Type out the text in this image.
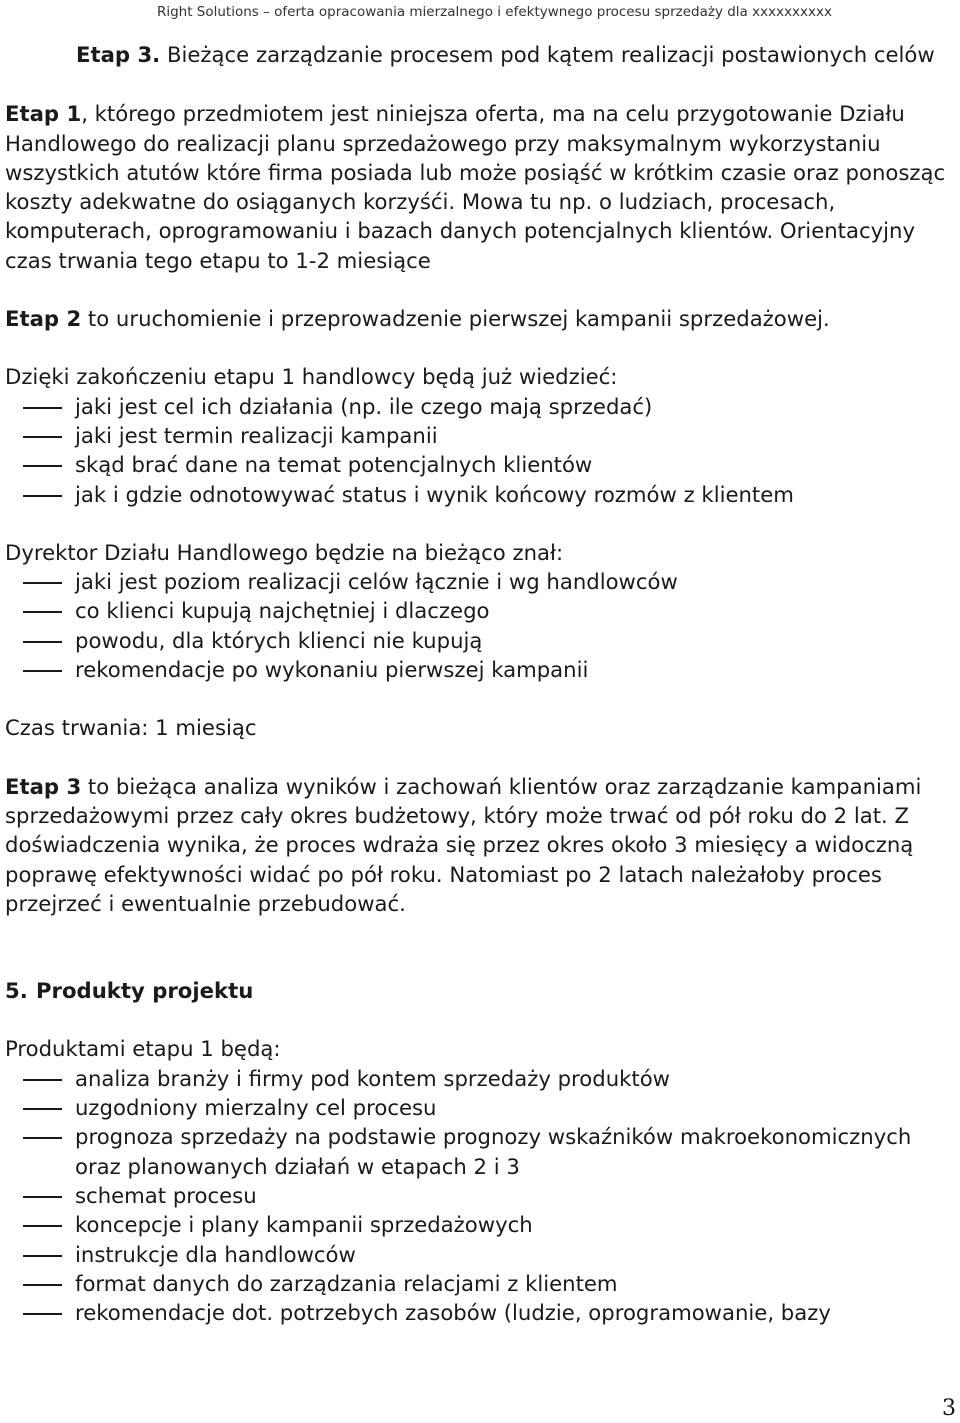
Right Solutions – oferta opracowania mierzalnego i efektywnego procesu sprzedaży dla xxxxxxxxxx

Etap 3. Bieżące zarządzanie procesem pod kątem realizacji postawionych celów

Etap 1, którego przedmiotem jest niniejsza oferta, ma na celu przygotowanie Działu Handlowego do realizacji planu sprzedażowego przy maksymalnym wykorzystaniu wszystkich atutów które firma posiada lub może posiąść w krótkim czasie oraz ponosząc koszty adekwatne do osiąganych korzyśći. Mowa tu np. o ludziach, procesach, komputerach, oprogramowaniu i bazach danych potencjalnych klientów. Orientacyjny czas trwania tego etapu to 1-2 miesiące

Etap 2 to uruchomienie i przeprowadzenie pierwszej kampanii sprzedażowej.

Dzięki zakończeniu etapu 1 handlowcy będą już wiedzieć:

jaki jest cel ich działania (np. ile czego mają sprzedać)
jaki jest termin realizacji kampanii
skąd brać dane na temat potencjalnych klientów
jak i gdzie odnotowywać status i wynik końcowy rozmów z klientem

Dyrektor Działu Handlowego będzie na bieżąco znał:

jaki jest poziom realizacji celów łącznie i wg handlowców
co klienci kupują najchętniej i dlaczego
powodu, dla których klienci nie kupują
rekomendacje po wykonaniu pierwszej kampanii

Czas trwania: 1 miesiąc

Etap 3 to bieżąca analiza wyników i zachowań klientów oraz zarządzanie kampaniami sprzedażowymi przez cały okres budżetowy, który może trwać od pół roku do 2 lat. Z doświadczenia wynika, że proces wdraża się przez okres około 3 miesięcy a widoczną poprawę efektywności widać po pół roku. Natomiast po 2 latach należałoby proces przejrzeć i ewentualnie przebudować.

5. Produkty projektu

Produktami etapu 1 będą:

analiza branży i firmy pod kontem sprzedaży produktów
uzgodniony mierzalny cel procesu
prognoza sprzedaży na podstawie prognozy wskaźników makroekonomicznych oraz planowanych działań w etapach 2 i 3
schemat procesu
koncepcje i plany kampanii sprzedażowych
instrukcje dla handlowców
format danych do zarządzania relacjami z klientem
rekomendacje dot. potrzebych zasobów (ludzie, oprogramowanie, bazy
3
